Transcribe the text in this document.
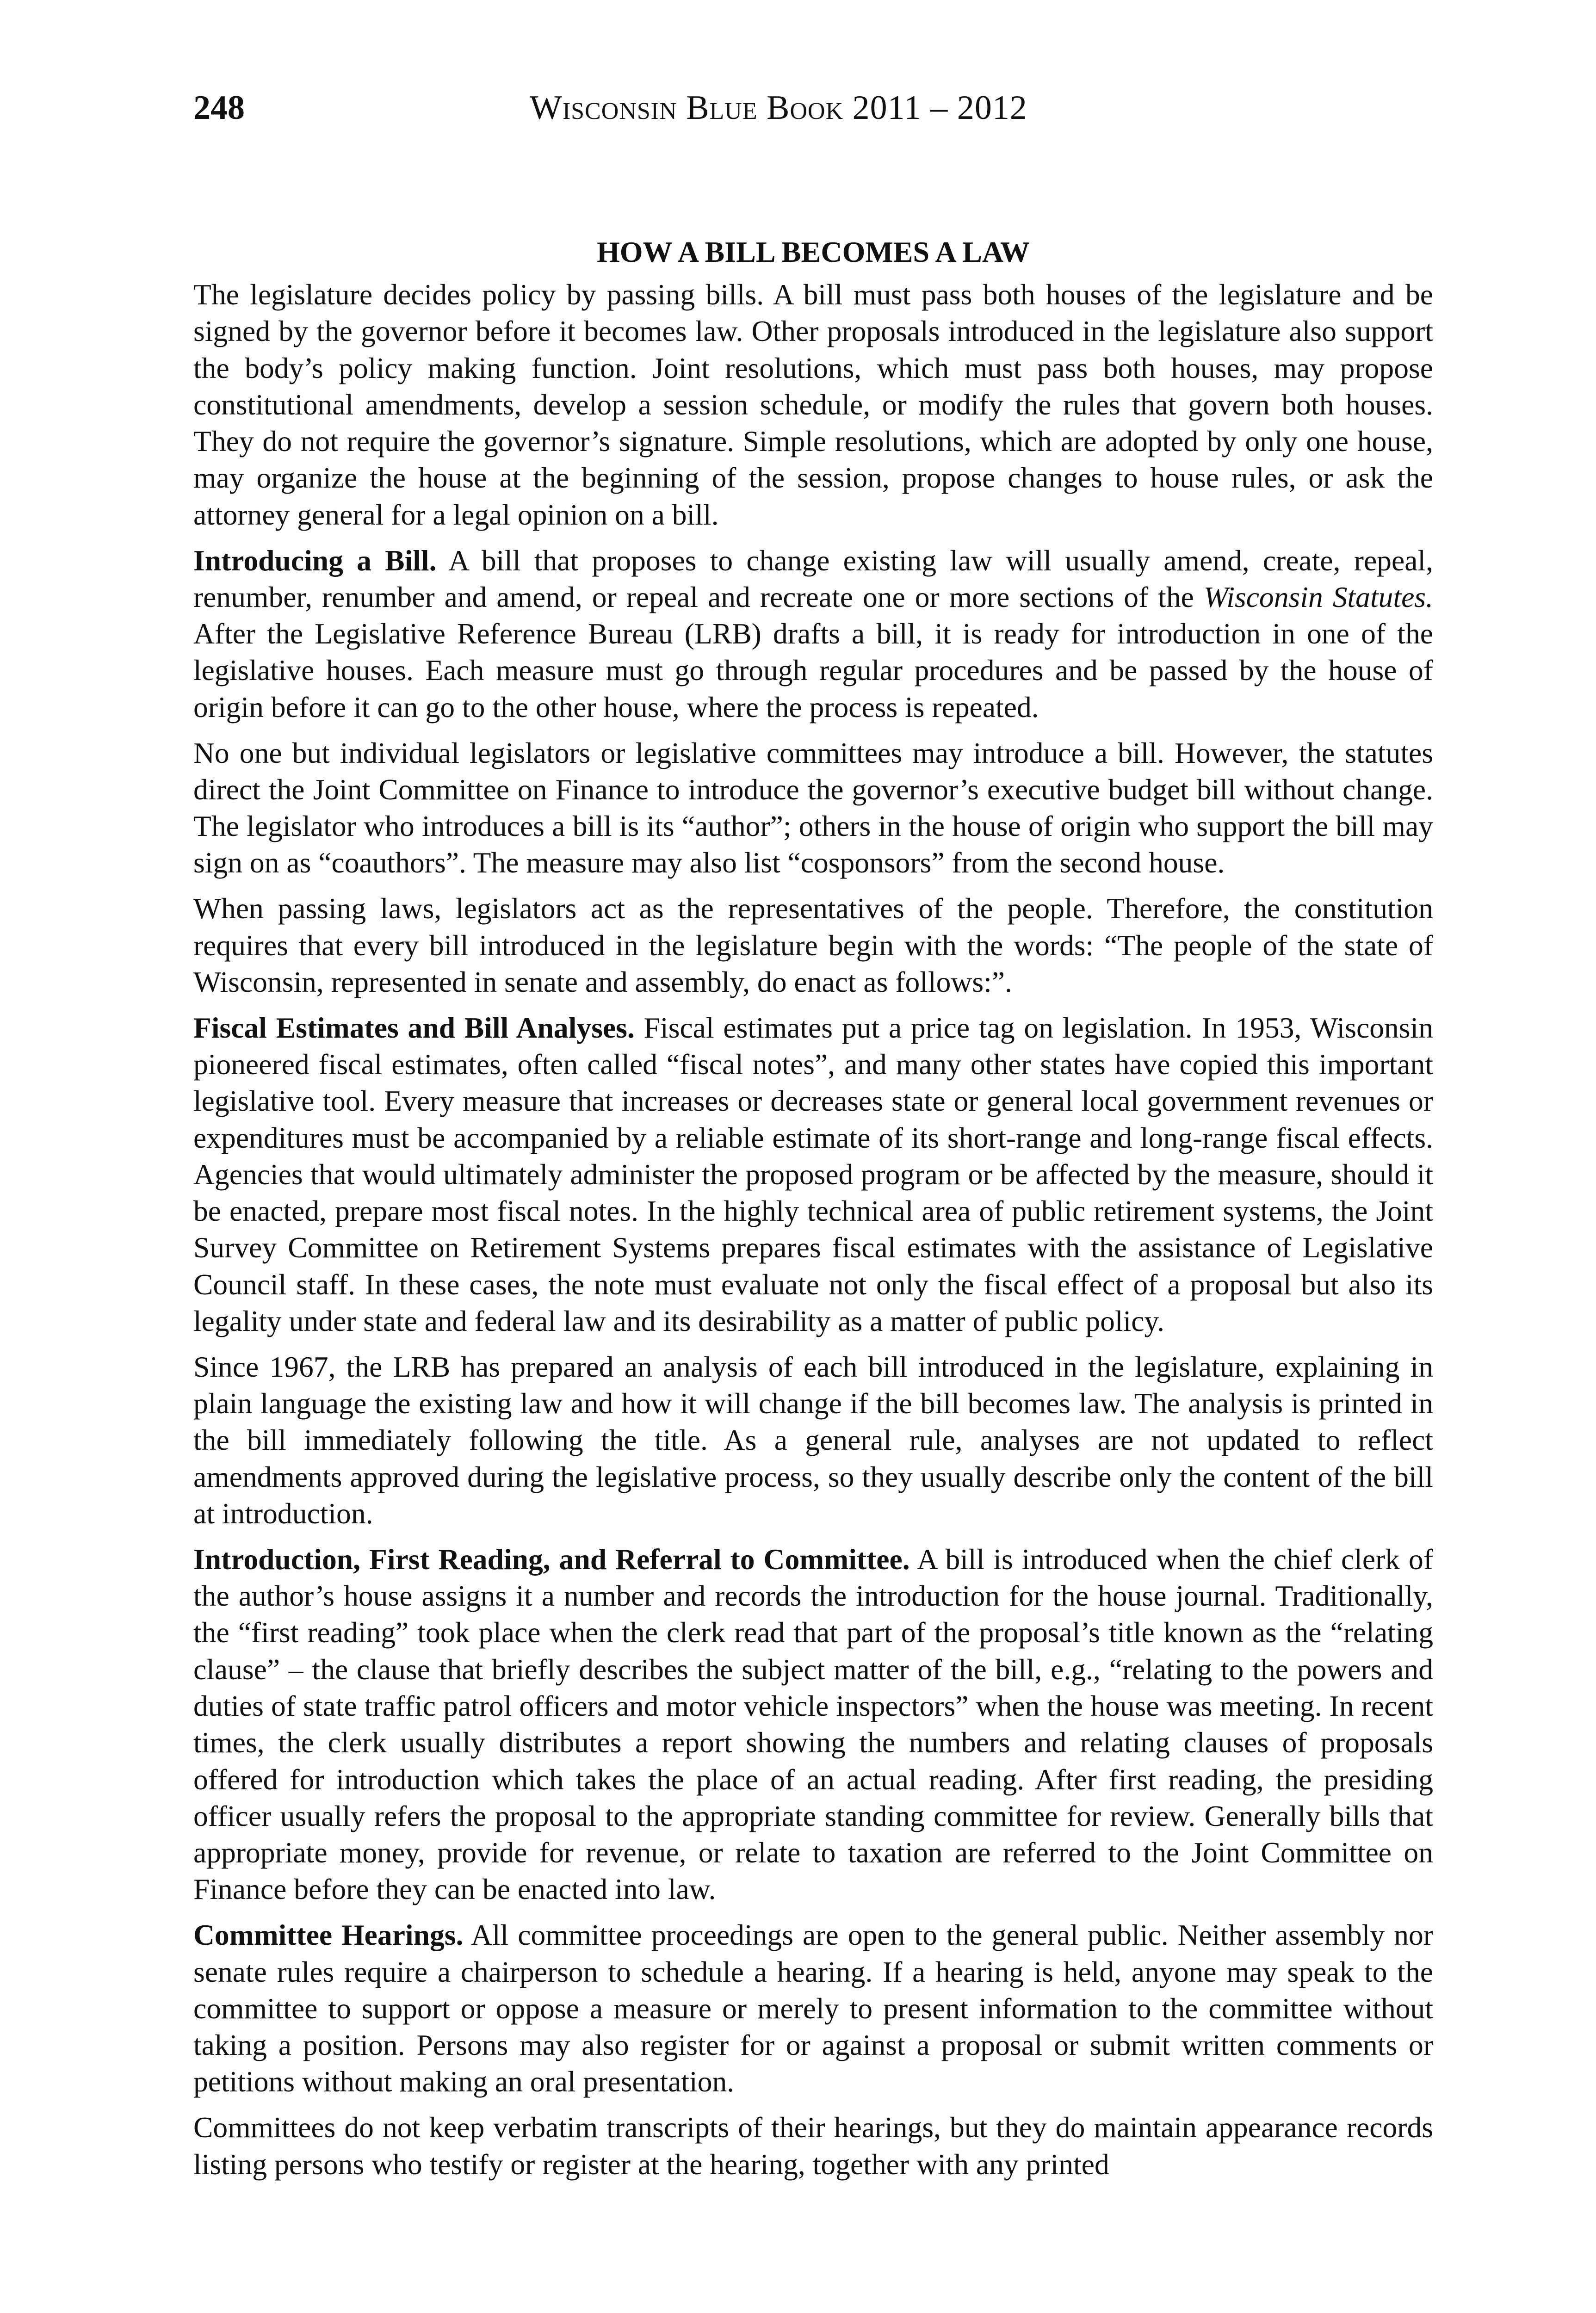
248	Wisconsin Blue Book 2011 – 2012
HOW A BILL BECOMES A LAW

The legislature decides policy by passing bills. A bill must pass both houses of the legislature and be signed by the governor before it becomes law. Other proposals introduced in the legislature also support the body’s policy making function. Joint resolutions, which must pass both houses, may propose constitutional amendments, develop a session schedule, or modify the rules that govern both houses. They do not require the governor’s signature. Simple resolutions, which are adopted by only one house, may organize the house at the beginning of the session, propose changes to house rules, or ask the attorney general for a legal opinion on a bill.

Introducing a Bill. A bill that proposes to change existing law will usually amend, create, repeal, renumber, renumber and amend, or repeal and recreate one or more sections of the Wisconsin Statutes. After the Legislative Reference Bureau (LRB) drafts a bill, it is ready for introduction in one of the legislative houses. Each measure must go through regular procedures and be passed by the house of origin before it can go to the other house, where the process is repeated.

No one but individual legislators or legislative committees may introduce a bill. However, the statutes direct the Joint Committee on Finance to introduce the governor’s executive budget bill without change. The legislator who introduces a bill is its “author”; others in the house of origin who support the bill may sign on as “coauthors”. The measure may also list “cosponsors” from the second house.

When passing laws, legislators act as the representatives of the people. Therefore, the constitution requires that every bill introduced in the legislature begin with the words: “The people of the state of Wisconsin, represented in senate and assembly, do enact as follows:”.

Fiscal Estimates and Bill Analyses. Fiscal estimates put a price tag on legislation. In 1953, Wisconsin pioneered fiscal estimates, often called “fiscal notes”, and many other states have copied this important legislative tool. Every measure that increases or decreases state or general local government revenues or expenditures must be accompanied by a reliable estimate of its short-range and long-range fiscal effects. Agencies that would ultimately administer the proposed program or be affected by the measure, should it be enacted, prepare most fiscal notes. In the highly technical area of public retirement systems, the Joint Survey Committee on Retirement Systems prepares fiscal estimates with the assistance of Legislative Council staff. In these cases, the note must evaluate not only the fiscal effect of a proposal but also its legality under state and federal law and its desirability as a matter of public policy.

Since 1967, the LRB has prepared an analysis of each bill introduced in the legislature, explaining in plain language the existing law and how it will change if the bill becomes law. The analysis is printed in the bill immediately following the title. As a general rule, analyses are not updated to reflect amendments approved during the legislative process, so they usually describe only the content of the bill at introduction.

Introduction, First Reading, and Referral to Committee. A bill is introduced when the chief clerk of the author’s house assigns it a number and records the introduction for the house journal. Traditionally, the “first reading” took place when the clerk read that part of the proposal’s title known as the “relating clause” – the clause that briefly describes the subject matter of the bill, e.g., “relating to the powers and duties of state traffic patrol officers and motor vehicle inspectors” when the house was meeting. In recent times, the clerk usually distributes a report showing the numbers and relating clauses of proposals offered for introduction which takes the place of an actual reading. After first reading, the presiding officer usually refers the proposal to the appropriate standing committee for review. Generally bills that appropriate money, provide for revenue, or relate to taxation are referred to the Joint Committee on Finance before they can be enacted into law.

Committee Hearings. All committee proceedings are open to the general public. Neither assembly nor senate rules require a chairperson to schedule a hearing. If a hearing is held, anyone may speak to the committee to support or oppose a measure or merely to present information to the committee without taking a position. Persons may also register for or against a proposal or submit written comments or petitions without making an oral presentation.

Committees do not keep verbatim transcripts of their hearings, but they do maintain appearance records listing persons who testify or register at the hearing, together with any printed
